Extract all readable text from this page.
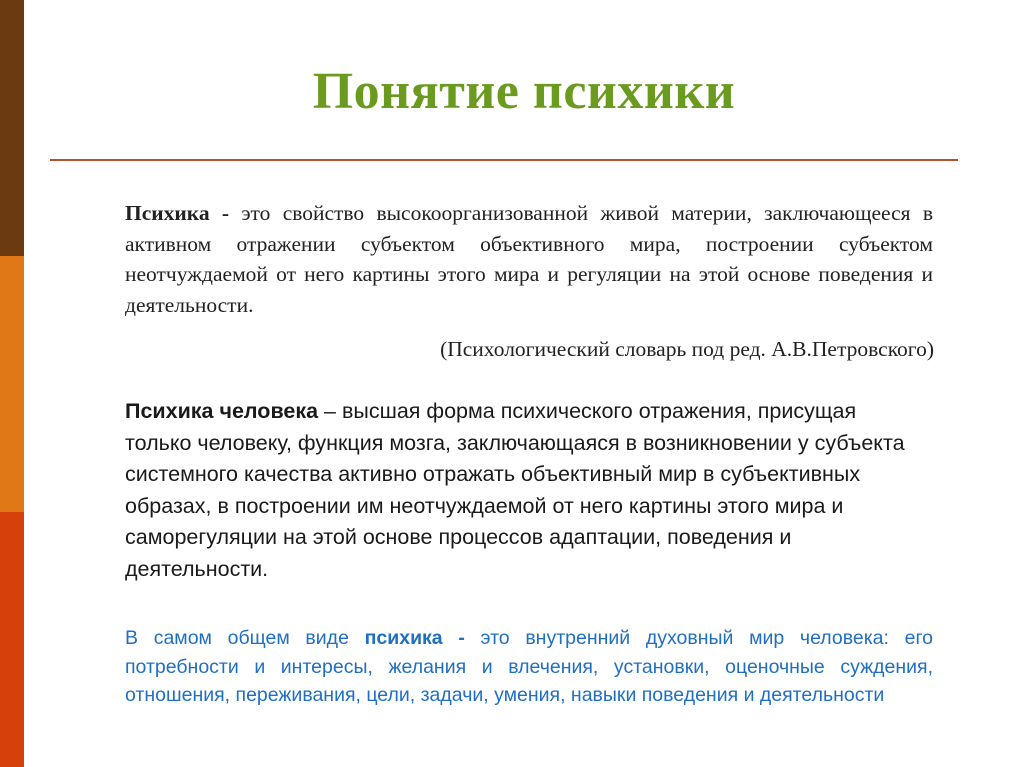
Понятие психики

Психика - это свойство высокоорганизованной живой материи, заключающееся в активном отражении субъектом объективного мира, построении субъектом неотчуждаемой от него картины этого мира и регуляции на этой основе поведения и деятельности.

(Психологический словарь под ред. А.В.Петровского)

Психика человека – высшая форма психического отражения, присущая только человеку, функция мозга, заключающаяся в возникновении у субъекта системного качества активно отражать объективный мир в субъективных образах, в построении им неотчуждаемой от него картины этого мира и саморегуляции на этой основе процессов адаптации, поведения и деятельности.

В самом общем виде психика - это внутренний духовный мир человека: его потребности и интересы, желания и влечения, установки, оценочные суждения, отношения, переживания, цели, задачи, умения, навыки поведения и деятельности
